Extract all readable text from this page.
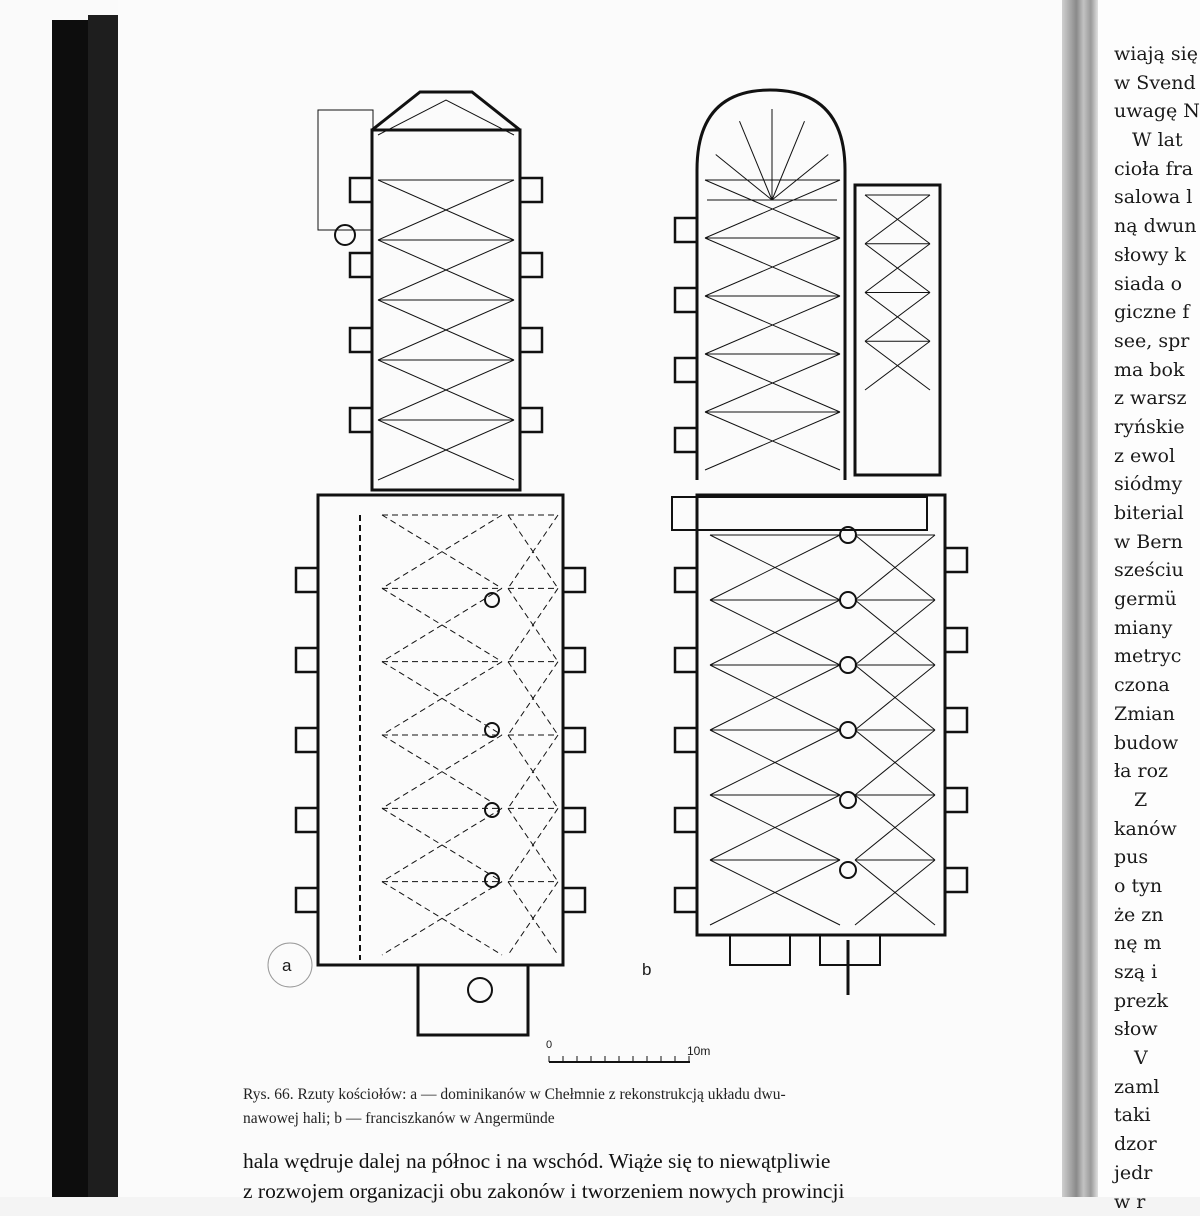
wiają się
w Svend
uwagę N
W lat
cioła fra
salowa l
ną dwun
słowy k
siada o
giczne f
see, spr
ma bok
z warsz
ryńskie
z ewol
siódmy
biterial
w Bern
sześciu
germü
miany
metryc
czona
Zmian
budow
ła roz
Z
kanów
pus
o tyn
że zn
nę m
szą i
prezk
słow
V
zaml
taki
dzor
jedr
w r
a	b
0	10m
Rys. 66. Rzuty kościołów: a — dominikanów w Chełmnie z rekonstrukcją układu dwu-
nawowej hali; b — franciszkanów w Angermünde
hala wędruje dalej na północ i na wschód. Wiąże się to niewątpliwie
z rozwojem organizacji obu zakonów i tworzeniem nowych prowincji
